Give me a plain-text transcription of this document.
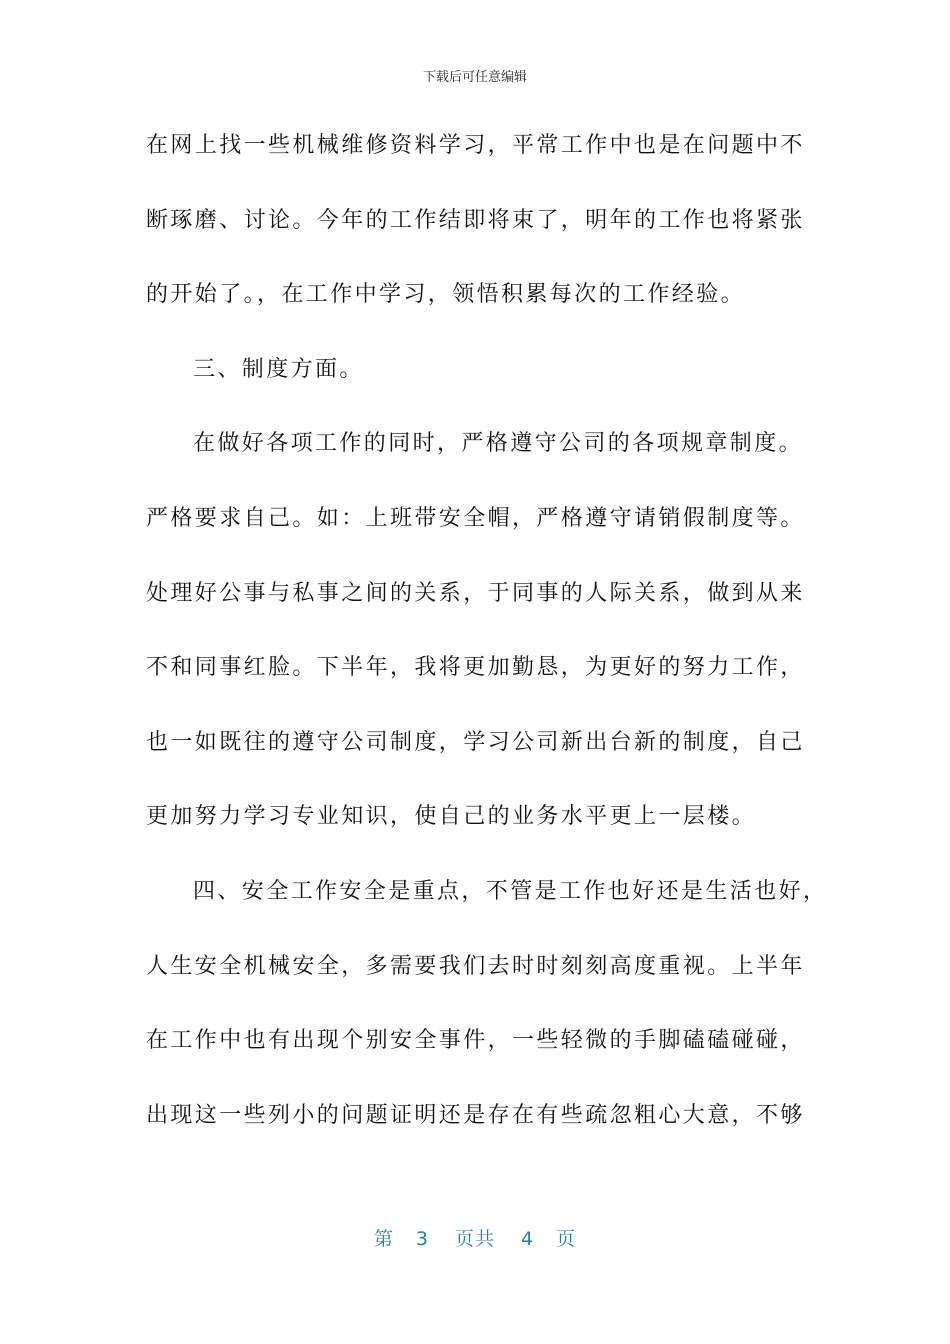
下载后可任意编辑
在网上找一些机械维修资料学习，平常工作中也是在问题中不
断琢磨、讨论。今年的工作结即将束了，明年的工作也将紧张
的开始了。，在工作中学习，领悟积累每次的工作经验。
三、制度方面。
在做好各项工作的同时，严格遵守公司的各项规章制度。
严格要求自己。如：上班带安全帽，严格遵守请销假制度等。
处理好公事与私事之间的关系，于同事的人际关系，做到从来
不和同事红脸。下半年，我将更加勤恳，为更好的努力工作，
也一如既往的遵守公司制度，学习公司新出台新的制度，自己
更加努力学习专业知识，使自己的业务水平更上一层楼。
四、安全工作安全是重点，不管是工作也好还是生活也好，
人生安全机械安全，多需要我们去时时刻刻高度重视。上半年
在工作中也有出现个别安全事件，一些轻微的手脚磕磕碰碰，
出现这一些列小的问题证明还是存在有些疏忽粗心大意，不够
第 3 页共 4 页
